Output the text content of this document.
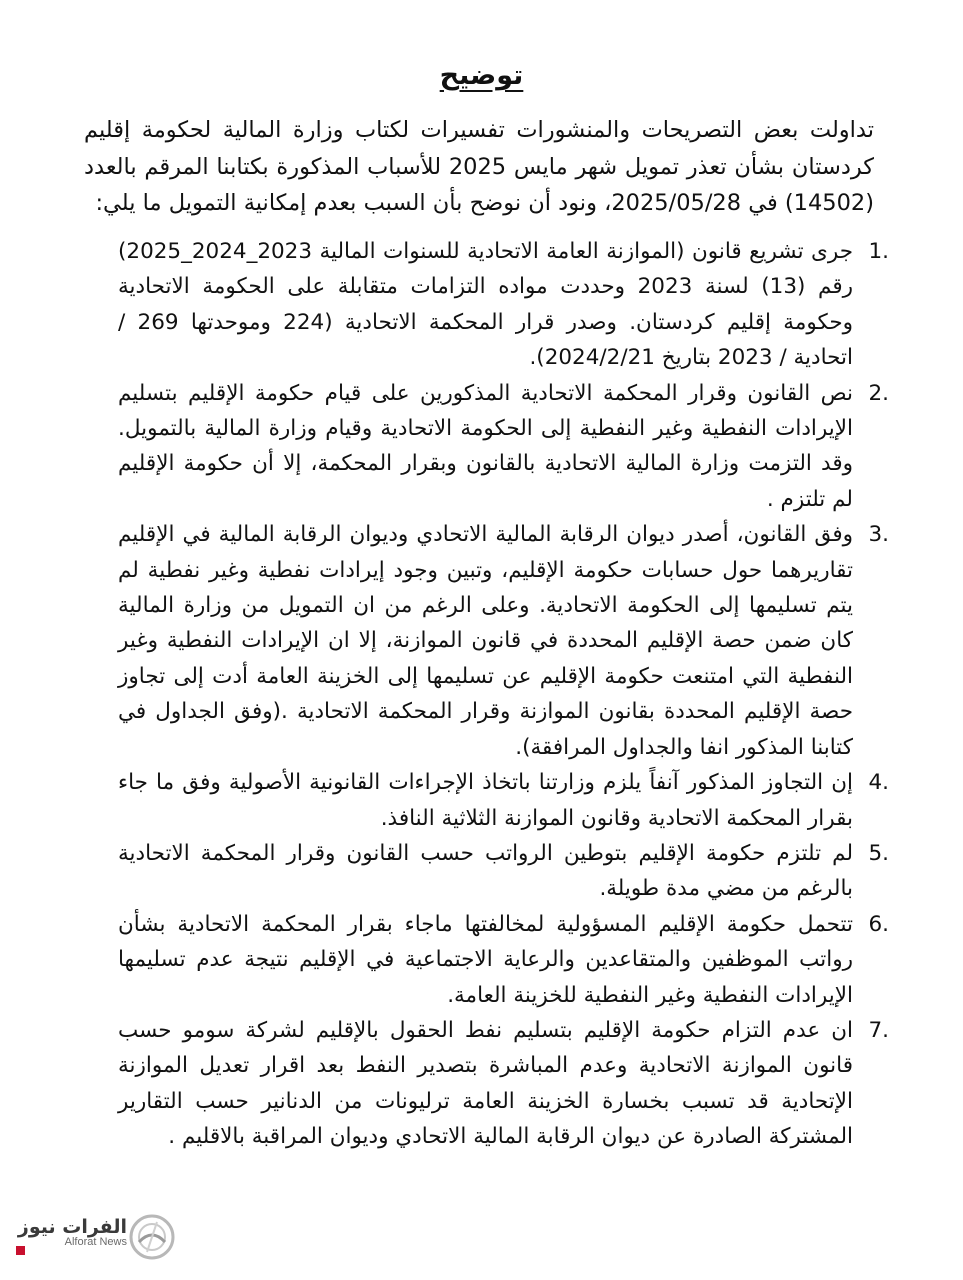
توضيح
تداولت بعض التصريحات والمنشورات تفسيرات لكتاب وزارة المالية لحكومة إقليم كردستان بشأن تعذر تمويل شهر مايس 2025 للأسباب المذكورة بكتابنا المرقم بالعدد (14502) في 2025/05/28، ونود أن نوضح بأن السبب بعدم إمكانية التمويل ما يلي:
1.
جرى تشريع قانون (الموازنة العامة الاتحادية للسنوات المالية 2023_2024_2025) رقم (13) لسنة 2023 وحددت مواده التزامات متقابلة على الحكومة الاتحادية وحكومة إقليم كردستان. وصدر قرار المحكمة الاتحادية (224 وموحدتها 269 / اتحادية / 2023 بتاريخ 2024/2/21).
2.
نص القانون وقرار المحكمة الاتحادية المذكورين على قيام حكومة الإقليم بتسليم الإيرادات النفطية وغير النفطية إلى الحكومة الاتحادية وقيام وزارة المالية بالتمويل. وقد التزمت وزارة المالية الاتحادية بالقانون وبقرار المحكمة، إلا أن حكومة الإقليم لم تلتزم .
3.
وفق القانون، أصدر ديوان الرقابة المالية الاتحادي وديوان الرقابة المالية في الإقليم تقاريرهما حول حسابات حكومة الإقليم، وتبين وجود إيرادات نفطية وغير نفطية لم يتم تسليمها إلى الحكومة الاتحادية. وعلى الرغم من ان التمويل من وزارة المالية كان ضمن حصة الإقليم المحددة في قانون الموازنة، إلا ان الإيرادات النفطية وغير النفطية التي امتنعت حكومة الإقليم عن تسليمها إلى الخزينة العامة أدت إلى تجاوز حصة الإقليم المحددة بقانون الموازنة وقرار المحكمة الاتحادية .(وفق الجداول في كتابنا المذكور انفا والجداول المرافقة).
4.
إن التجاوز المذكور آنفاً يلزم وزارتنا باتخاذ الإجراءات القانونية الأصولية وفق ما جاء بقرار المحكمة الاتحادية وقانون الموازنة الثلاثية النافذ.
5.
لم تلتزم حكومة الإقليم بتوطين الرواتب حسب القانون وقرار المحكمة الاتحادية بالرغم من مضي مدة طويلة.
6.
تتحمل حكومة الإقليم المسؤولية لمخالفتها ماجاء بقرار المحكمة الاتحادية بشأن رواتب الموظفين والمتقاعدين والرعاية الاجتماعية في الإقليم نتيجة عدم تسليمها الإيرادات النفطية وغير النفطية للخزينة العامة.
7.
ان عدم التزام حكومة الإقليم بتسليم نفط الحقول بالإقليم لشركة سومو حسب قانون الموازنة الاتحادية وعدم المباشرة بتصدير النفط بعد اقرار تعديل الموازنة الإتحادية قد تسبب بخسارة الخزينة العامة ترليونات من الدنانير حسب التقارير المشتركة الصادرة عن ديوان الرقابة المالية الاتحادي وديوان المراقبة بالاقليم .
الفرات نيوز
Alforat News
